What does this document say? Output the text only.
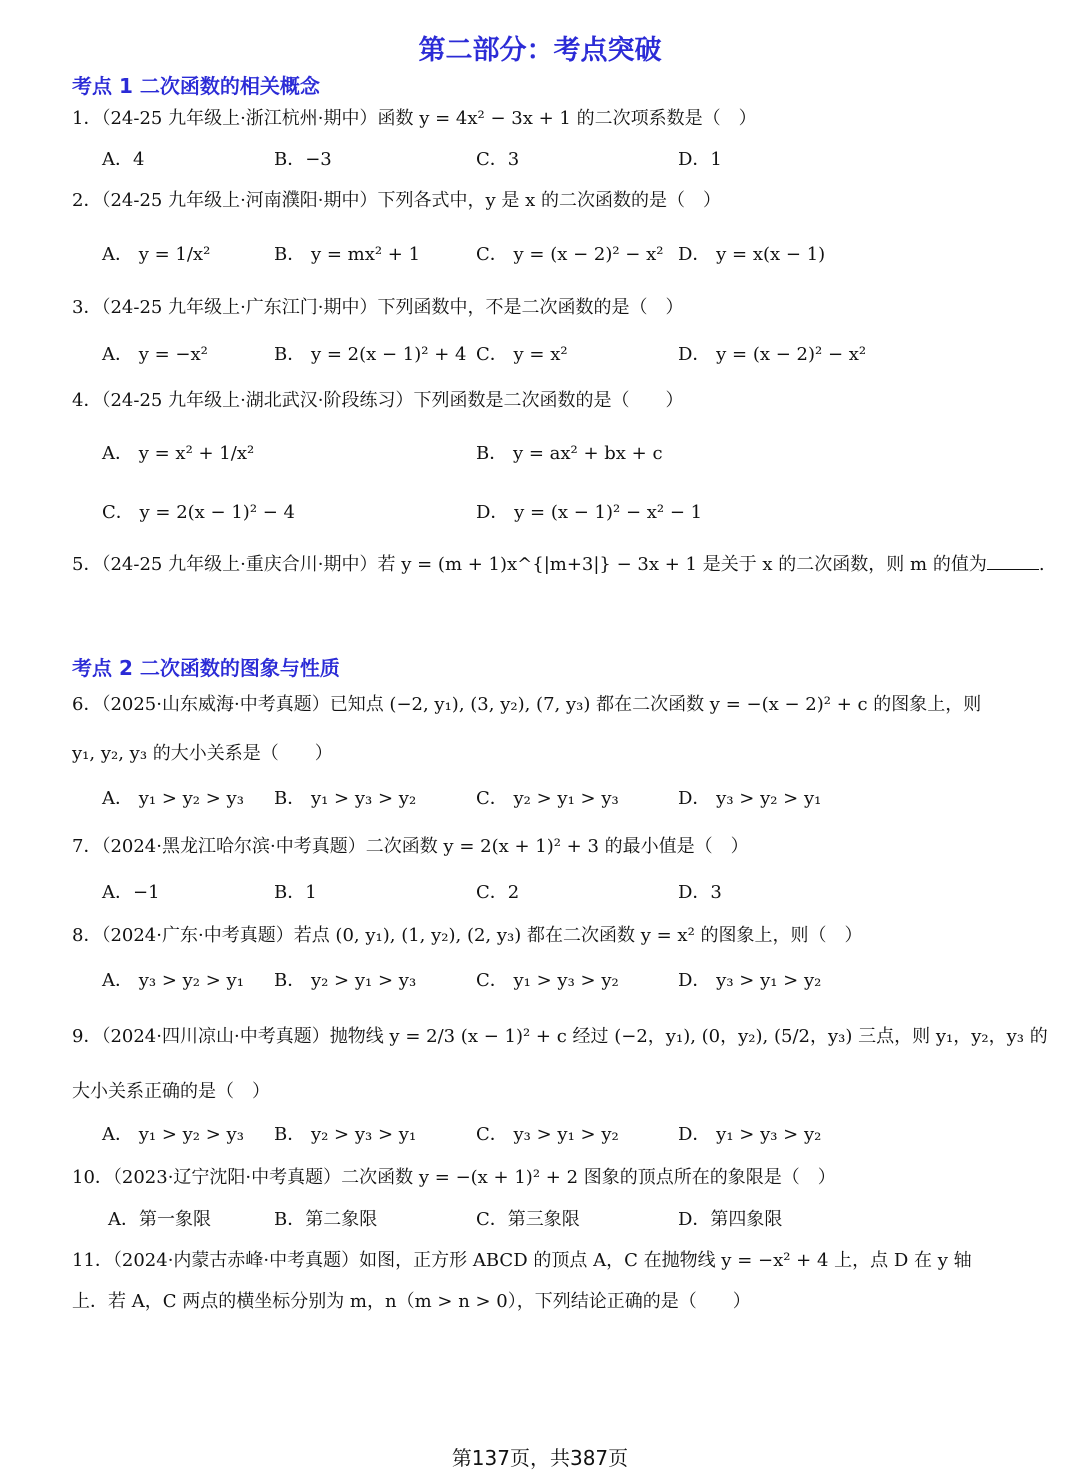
第二部分：考点突破
考点 1 二次函数的相关概念
1．（24-25 九年级上·浙江杭州·期中）函数 y = 4x² − 3x + 1 的二次项系数是（　）
A．4	B．−3	C．3	D．1
2．（24-25 九年级上·河南濮阳·期中）下列各式中，y 是 x 的二次函数的是（　）
A． y = 1/x²	B． y = mx² + 1	C． y = (x − 2)² − x² D． y = x(x − 1)
3．（24-25 九年级上·广东江门·期中）下列函数中，不是二次函数的是（　）
A． y = −x²	B． y = 2(x − 1)² + 4 C． y = x²	D． y = (x − 2)² − x²
4．（24-25 九年级上·湖北武汉·阶段练习）下列函数是二次函数的是（　　）
A． y = x² + 1/x²	B． y = ax² + bx + c
C． y = 2(x − 1)² − 4	D． y = (x − 1)² − x² − 1
5．（24-25 九年级上·重庆合川·期中）若 y = (m + 1)x^{|m+3|} − 3x + 1 是关于 x 的二次函数，则 m 的值为	.
考点 2 二次函数的图象与性质
6．（2025·山东威海·中考真题）已知点 (−2, y₁), (3, y₂), (7, y₃) 都在二次函数 y = −(x − 2)² + c 的图象上，则
y₁, y₂, y₃ 的大小关系是（　　）
A． y₁ > y₂ > y₃ B． y₁ > y₃ > y₂	C． y₂ > y₁ > y₃	D． y₃ > y₂ > y₁
7．（2024·黑龙江哈尔滨·中考真题）二次函数 y = 2(x + 1)² + 3 的最小值是（　）
A．−1	B．1	C．2	D．3
8．（2024·广东·中考真题）若点 (0, y₁), (1, y₂), (2, y₃) 都在二次函数 y = x² 的图象上，则（　）
A． y₃ > y₂ > y₁ B． y₂ > y₁ > y₃	C． y₁ > y₃ > y₂	D． y₃ > y₁ > y₂
9．（2024·四川凉山·中考真题）抛物线 y = 2/3 (x − 1)² + c 经过 (−2，y₁), (0，y₂), (5/2，y₃) 三点，则 y₁，y₂，y₃ 的
大小关系正确的是（　）
A． y₁ > y₂ > y₃ B． y₂ > y₃ > y₁	C． y₃ > y₁ > y₂	D． y₁ > y₃ > y₂
10．（2023·辽宁沈阳·中考真题）二次函数 y = −(x + 1)² + 2 图象的顶点所在的象限是（　）
A．第一象限	B．第二象限	C．第三象限	D．第四象限
11．（2024·内蒙古赤峰·中考真题）如图，正方形 ABCD 的顶点 A，C 在抛物线 y = −x² + 4 上，点 D 在 y 轴
上．若 A，C 两点的横坐标分别为 m，n（m > n > 0），下列结论正确的是（　　）
第137页，共387页
